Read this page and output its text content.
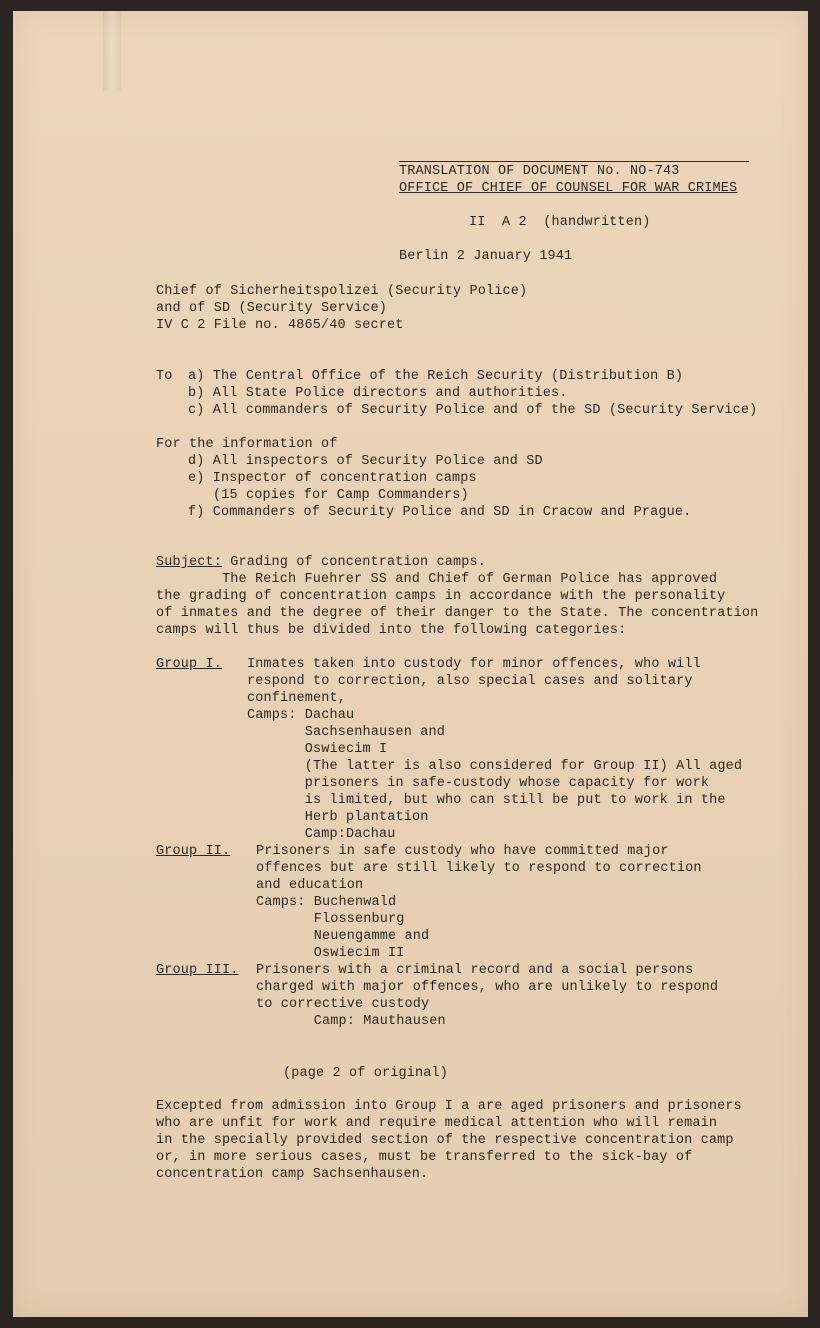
TRANSLATION OF DOCUMENT No. NO-743
OFFICE OF CHIEF OF COUNSEL FOR WAR CRIMES
II  A 2  (handwritten)
Berlin 2 January 1941
Chief of Sicherheitspolizei (Security Police)
and of SD (Security Service)
IV C 2 File no. 4865/40 secret
To a) The Central Office of the Reich Security (Distribution B)
b) All State Police directors and authorities.
c) All commanders of Security Police and of the SD (Security Service)
For the information of
d) All inspectors of Security Police and SD
e) Inspector of concentration camps
(15 copies for Camp Commanders)
f) Commanders of Security Police and SD in Cracow and Prague.
Subject: Grading of concentration camps.
The Reich Fuehrer SS and Chief of German Police has approved
the grading of concentration camps in accordance with the personality
of inmates and the degree of their danger to the State. The concentration
camps will thus be divided into the following categories:
Group I. Inmates taken into custody for minor offences, who will
respond to correction, also special cases and solitary
confinement,
Camps: Dachau
Sachsenhausen and
Oswiecim I
(The latter is also considered for Group II) All aged
prisoners in safe-custody whose capacity for work
is limited, but who can still be put to work in the
Herb plantation
Camp:Dachau
Group II. Prisoners in safe custody who have committed major
offences but are still likely to respond to correction
and education
Camps: Buchenwald
Flossenburg
Neuengamme and
Oswiecim II
Group III. Prisoners with a criminal record and a social persons
charged with major offences, who are unlikely to respond
to corrective custody
Camp: Mauthausen
(page 2 of original)
Excepted from admission into Group I a are aged prisoners and prisoners
who are unfit for work and require medical attention who will remain
in the specially provided section of the respective concentration camp
or, in more serious cases, must be transferred to the sick-bay of
concentration camp Sachsenhausen.
